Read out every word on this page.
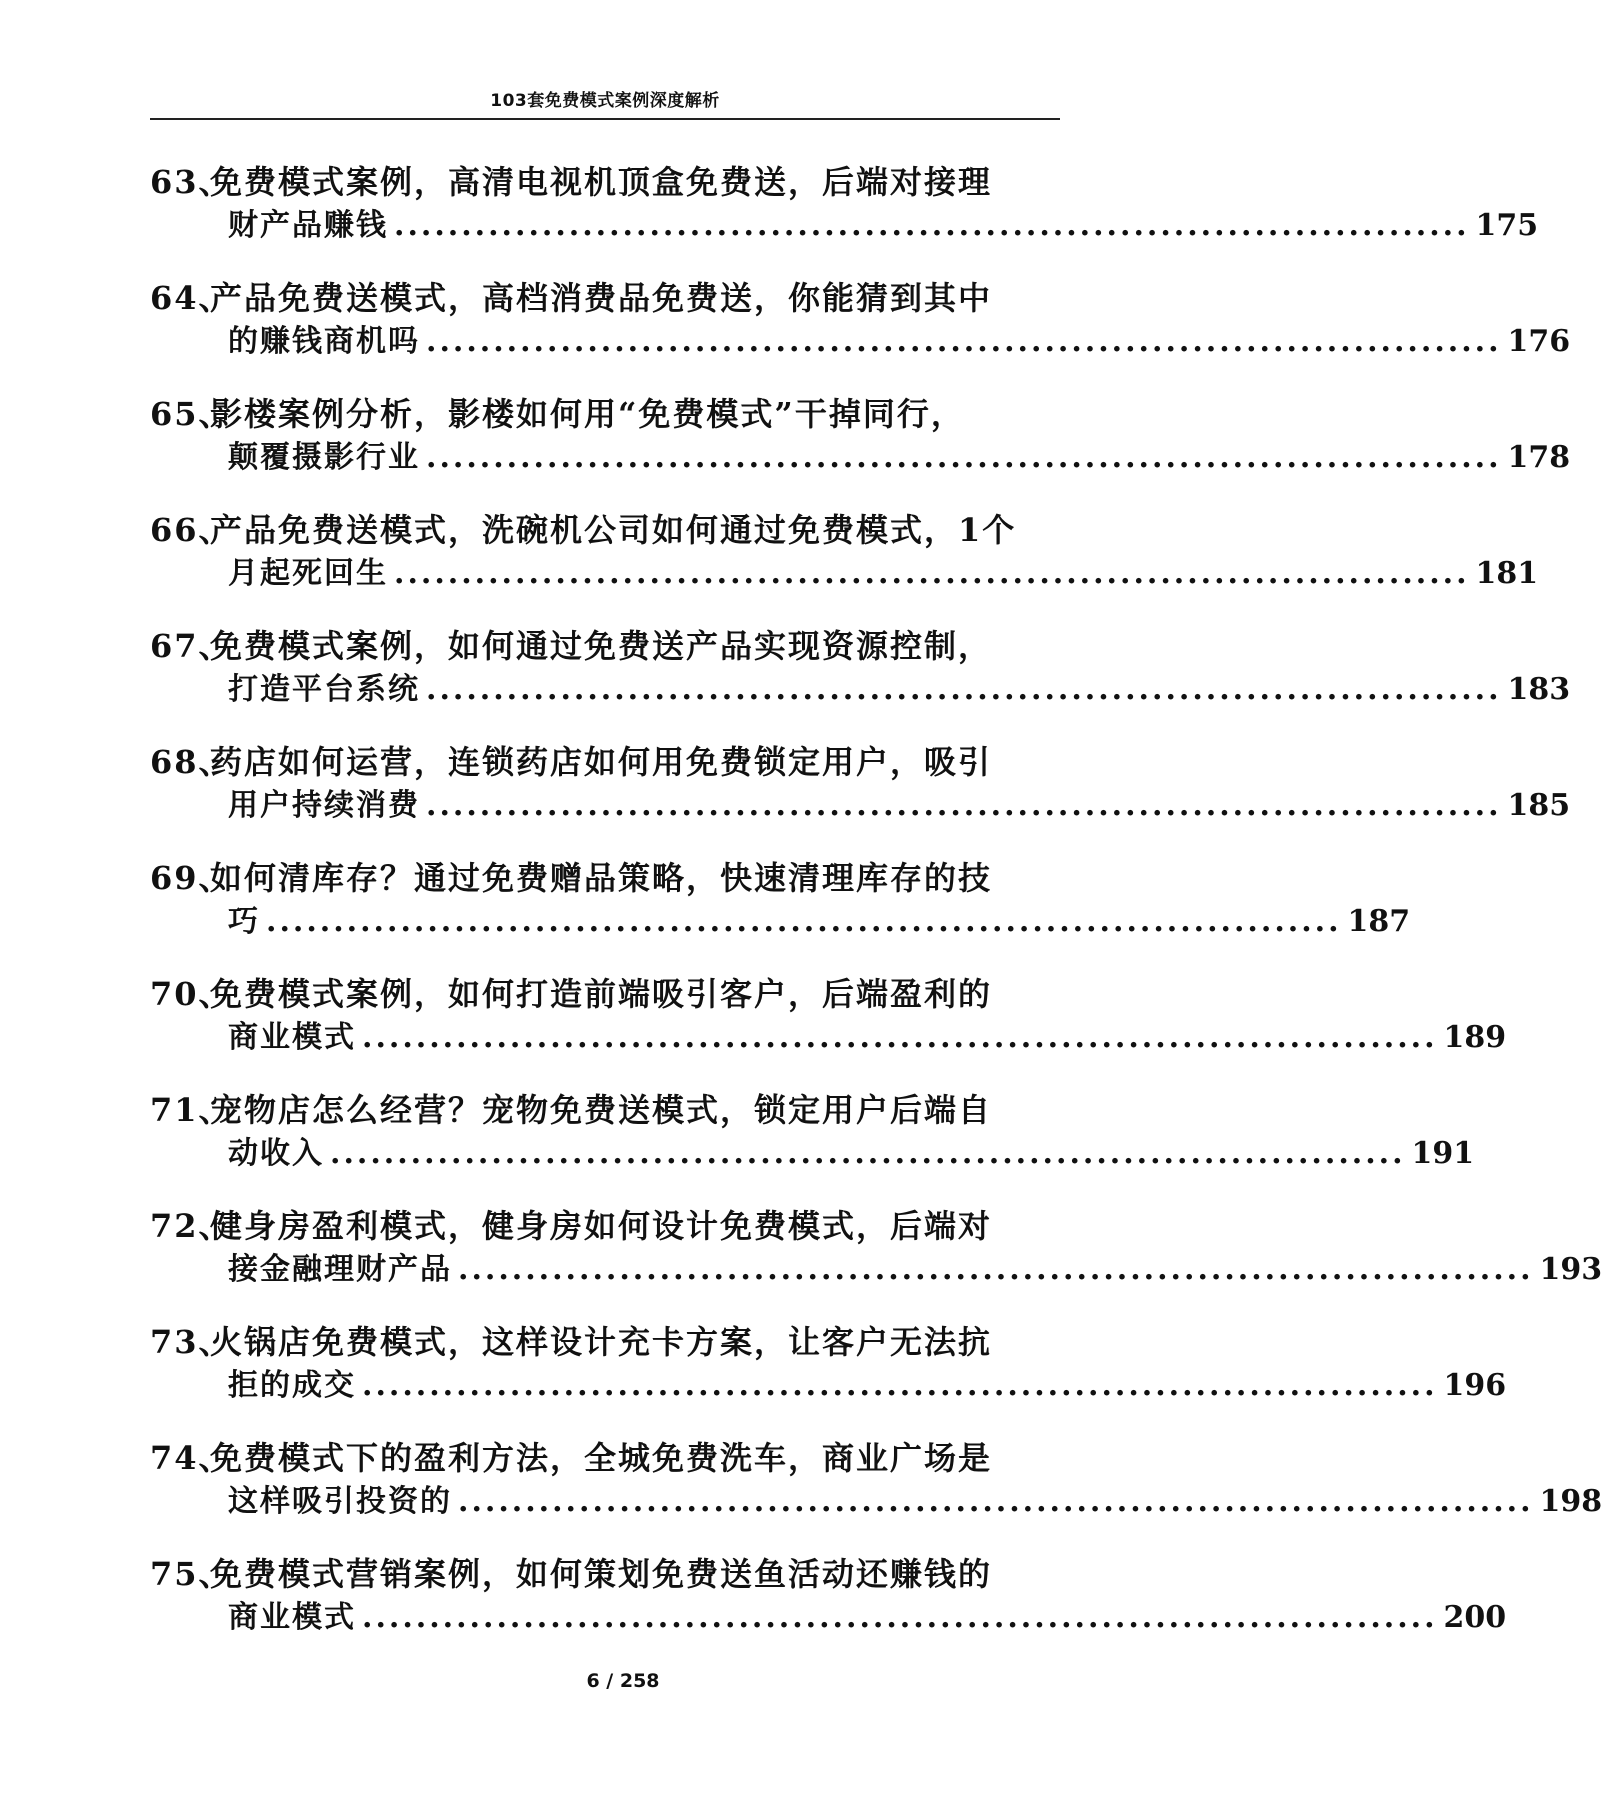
103套免费模式案例深度解析
63、免费模式案例，高清电视机顶盒免费送，后端对接理
财产品赚钱 ................................................................................ 175
64、产品免费送模式，高档消费品免费送，你能猜到其中
的赚钱商机吗 ................................................................................ 176
65、影楼案例分析，影楼如何用“免费模式”干掉同行，
颠覆摄影行业 ................................................................................ 178
66、产品免费送模式，洗碗机公司如何通过免费模式，1个
月起死回生 ................................................................................ 181
67、免费模式案例，如何通过免费送产品实现资源控制，
打造平台系统 ................................................................................ 183
68、药店如何运营，连锁药店如何用免费锁定用户，吸引
用户持续消费 ................................................................................ 185
69、如何清库存？通过免费赠品策略，快速清理库存的技
巧 ................................................................................ 187
70、免费模式案例，如何打造前端吸引客户，后端盈利的
商业模式 ................................................................................ 189
71、宠物店怎么经营？宠物免费送模式，锁定用户后端自
动收入 ................................................................................ 191
72、健身房盈利模式，健身房如何设计免费模式，后端对
接金融理财产品 ................................................................................ 193
73、火锅店免费模式，这样设计充卡方案，让客户无法抗
拒的成交 ................................................................................ 196
74、免费模式下的盈利方法，全城免费洗车，商业广场是
这样吸引投资的 ................................................................................ 198
75、免费模式营销案例，如何策划免费送鱼活动还赚钱的
商业模式 ................................................................................ 200
6 / 258
